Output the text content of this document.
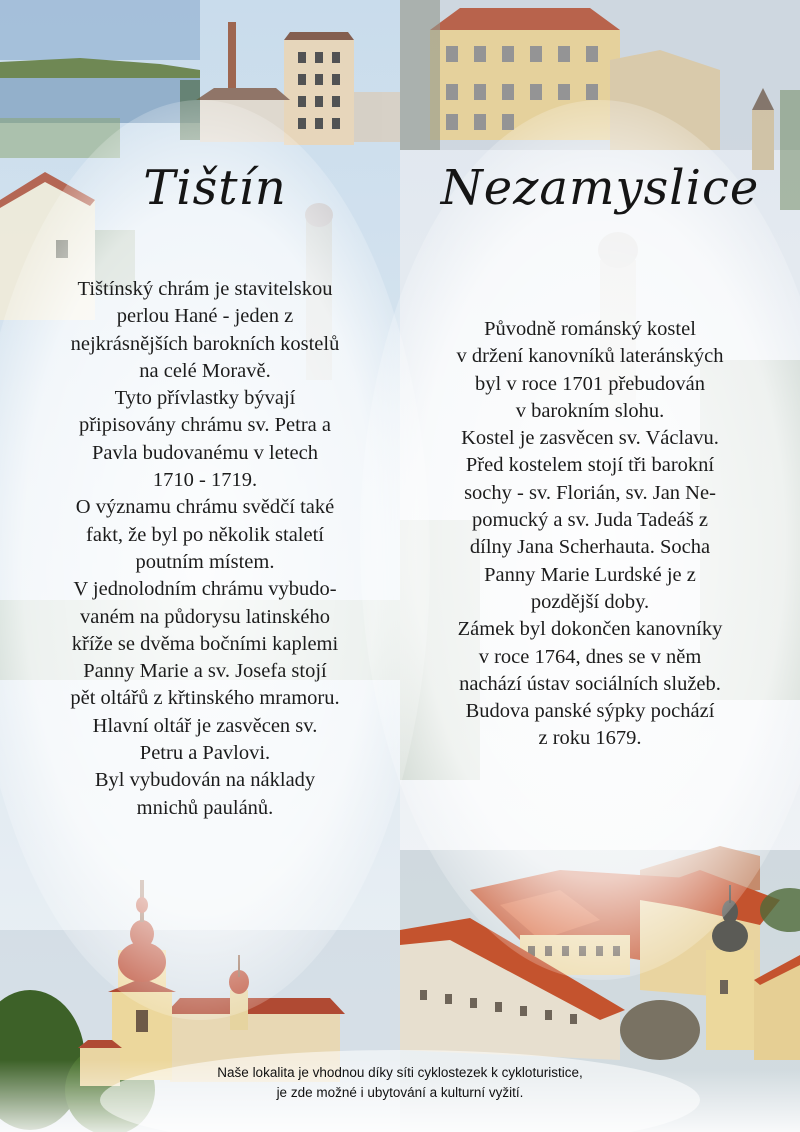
Tištín	Nezamyslice

Tištínský chrám je stavitelskou

perlou Hané - jeden z

nejkrásnějších barokních kostelů

na celé Moravě.

Tyto přívlastky bývají

připisovány chrámu sv. Petra a

Pavla budovanému v letech

1710 - 1719.

O významu chrámu svědčí také

fakt, že byl po několik staletí

poutním místem.

V jednolodním chrámu vybudo-

vaném na půdorysu latinského

kříže se dvěma bočními kaplemi

Panny Marie a sv. Josefa stojí

pět oltářů z křtinského mramoru.

Hlavní oltář je zasvěcen sv.

Petru a Pavlovi.

Byl vybudován na náklady

mnichů paulánů.

Původně románský kostel

v držení kanovníků lateránských

byl v roce 1701 přebudován

v barokním slohu.

Kostel je zasvěcen sv. Václavu.

Před kostelem stojí tři barokní

sochy - sv. Florián, sv. Jan Ne-

pomucký a sv. Juda Tadeáš z

dílny Jana Scherhauta. Socha

Panny Marie Lurdské je z

pozdější doby.

Zámek byl dokončen kanovníky

v roce 1764, dnes se v něm

nachází ústav sociálních služeb.

Budova panské sýpky pochází

z roku 1679.

Naše lokalita je vhodnou díky síti cyklostezek k cykloturistice,

je zde možné i ubytování a kulturní vyžití.
